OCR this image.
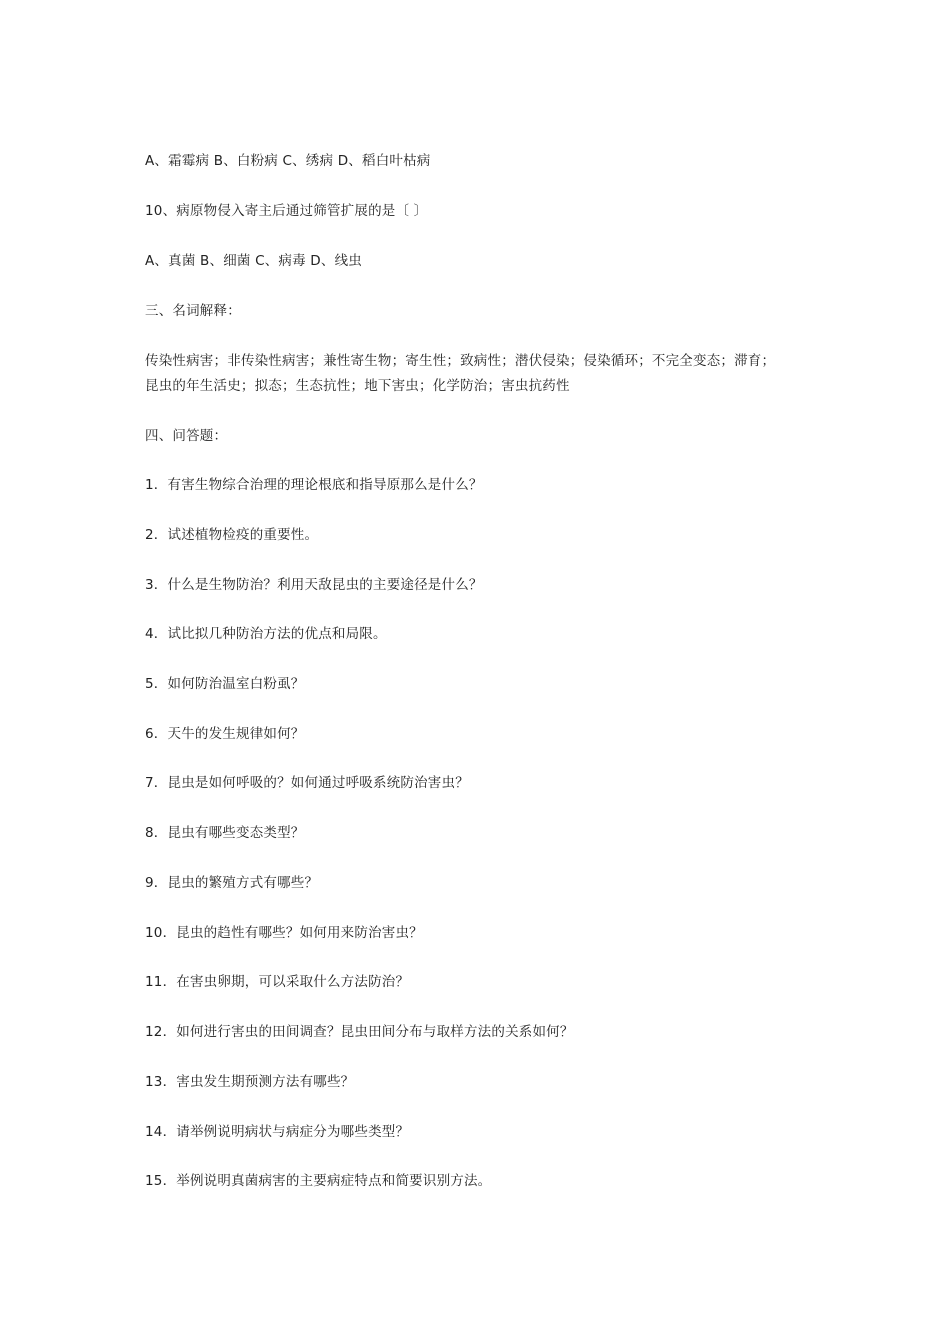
A、霜霉病 B、白粉病 C、绣病 D、稻白叶枯病
10、病原物侵入寄主后通过筛管扩展的是〔 〕
A、真菌 B、细菌 C、病毒 D、线虫
三、名词解释：
传染性病害；非传染性病害；兼性寄生物；寄生性；致病性；潜伏侵染；侵染循环；不完全变态；滞育；
昆虫的年生活史；拟态；生态抗性；地下害虫；化学防治；害虫抗药性
四、问答题：
1．有害生物综合治理的理论根底和指导原那么是什么？
2．试述植物检疫的重要性。
3．什么是生物防治？利用天敌昆虫的主要途径是什么？
4．试比拟几种防治方法的优点和局限。
5．如何防治温室白粉虱？
6．天牛的发生规律如何？
7．昆虫是如何呼吸的？如何通过呼吸系统防治害虫？
8．昆虫有哪些变态类型？
9．昆虫的繁殖方式有哪些？
10．昆虫的趋性有哪些？如何用来防治害虫？
11．在害虫卵期，可以采取什么方法防治？
12．如何进行害虫的田间调查？昆虫田间分布与取样方法的关系如何？
13．害虫发生期预测方法有哪些？
14．请举例说明病状与病症分为哪些类型？
15．举例说明真菌病害的主要病症特点和简要识别方法。
